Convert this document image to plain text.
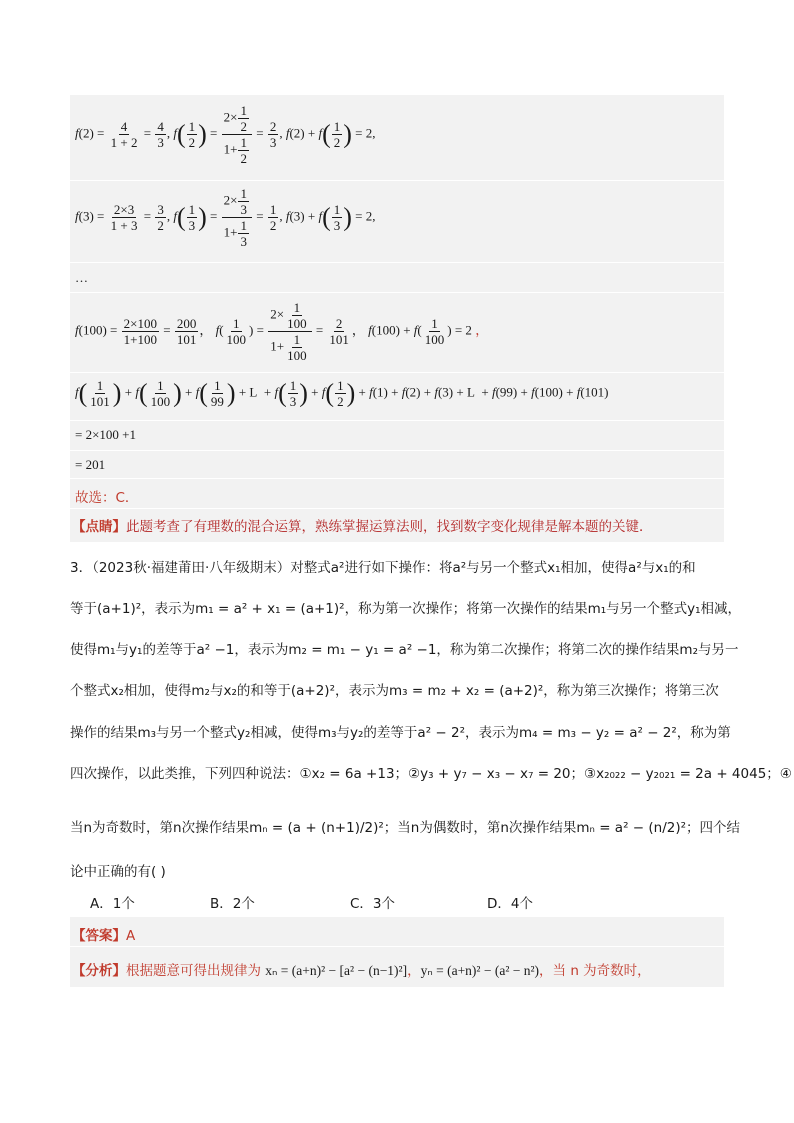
$f(2) = \frac{4}{1 + 2} = \frac{4}{3}$ , $f( \frac{1}{2}$ ) = $\frac{2\times \frac{1}{2}}{1+ \frac{1}{2}} = \frac{2}{3}$ , $f(2) + f( \frac{1}{2}$ ) = 2,
$f(3) = \frac{2\times 3}{1 + 3} = \frac{3}{2}$ , $f( \frac{1}{3}$ ) = $\frac{2\times \frac{1}{3}}{1+ \frac{1}{3}} = \frac{1}{2}$ , $f(3) + f( \frac{1}{3}$ ) = 2,
…
$f(100) = \frac{2\times 100}{1+100} = \frac{200}{101}$ ， $f( \frac{1}{100}$ ) = $\frac{2\times \frac{1}{100}}{1+ \frac{1}{100}} = \frac{2}{101}$ ， $f(100) + f( \frac{1}{100}$ ) = 2 ，
$f( \frac{1}{101}$ ) + $f( \frac{1}{100}$ ) + $f( \frac{1}{99}$ ) + $L + f( \frac{1}{3}$ ) + $f( \frac{1}{2}$ ) + f(1) + f(2) + f(3) + L  + f(99) + f(100) + f(101)
= 2×100 +1
= 201
故选：C．
【点睛】此题考查了有理数的混合运算，熟练掌握运算法则，找到数字变化规律是解本题的关键．
3．（2023秋·福建莆田·八年级期末）对整式a²进行如下操作：将a²与另一个整式x₁相加，使得a²与x₁的和
等于(a+1)²，表示为m₁ = a² + x₁ = (a+1)²，称为第一次操作；将第一次操作的结果m₁与另一个整式y₁相减，
使得m₁与y₁的差等于a² −1，表示为m₂ = m₁ − y₁ = a² −1，称为第二次操作；将第二次的操作结果m₂与另一
个整式x₂相加，使得m₂与x₂的和等于(a+2)²，表示为m₃ = m₂ + x₂ = (a+2)²，称为第三次操作；将第三次
操作的结果m₃与另一个整式y₂相减，使得m₃与y₂的差等于a² − 2²，表示为m₄ = m₃ − y₂ = a² − 2²，称为第
四次操作，以此类推，下列四种说法：①x₂ = 6a +13；②y₃ + y₇ − x₃ − x₇ = 20；③x₂₀₂₂ − y₂₀₂₁ = 2a + 4045；④
当n为奇数时，第n次操作结果mₙ = (a + (n+1)/2)²；当n为偶数时，第n次操作结果mₙ = a² − (n/2)²；四个结
论中正确的有( )
A．1个	B．2个	C．3个	D．4个
【答案】A
【分析】根据题意可得出规律为 xₙ = (a+n)² − [a² − (n−1)²]，yₙ = (a+n)² − (a² − n²)，当 n 为奇数时，
